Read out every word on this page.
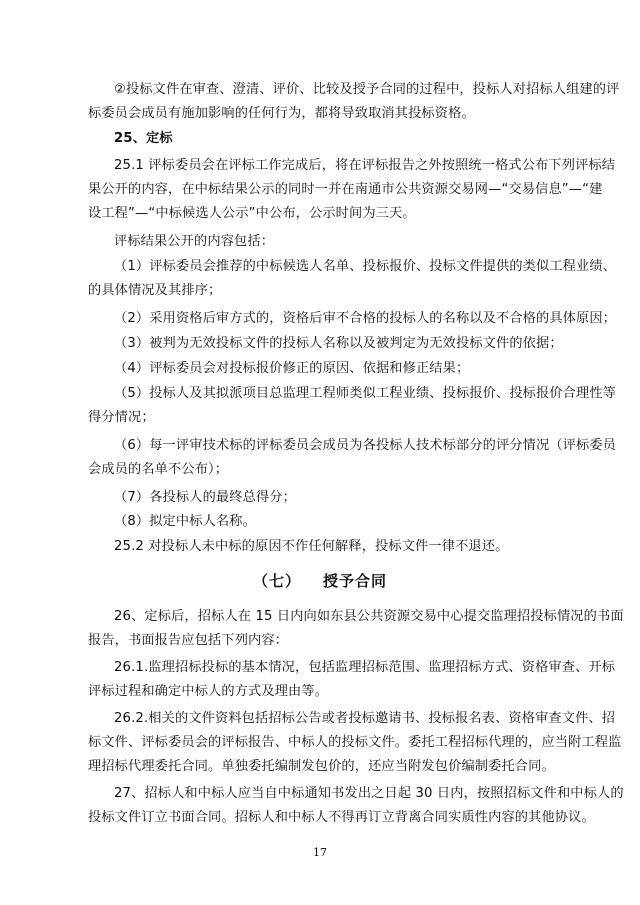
②投标文件在审查、澄清、评价、比较及授予合同的过程中，投标人对招标人组建的评
标委员会成员有施加影响的任何行为，都将导致取消其投标资格。
25、定标
25.1 评标委员会在评标工作完成后，将在评标报告之外按照统一格式公布下列评标结
果公开的内容，在中标结果公示的同时一并在南通市公共资源交易网—“交易信息”—“建
设工程”—“中标候选人公示”中公布，公示时间为三天。
评标结果公开的内容包括：
（1）评标委员会推荐的中标候选人名单、投标报价、投标文件提供的类似工程业绩、
的具体情况及其排序；
（2）采用资格后审方式的，资格后审不合格的投标人的名称以及不合格的具体原因；
（3）被判为无效投标文件的投标人名称以及被判定为无效投标文件的依据；
（4）评标委员会对投标报价修正的原因、依据和修正结果；
（5）投标人及其拟派项目总监理工程师类似工程业绩、投标报价、投标报价合理性等
得分情况；
（6）每一评审技术标的评标委员会成员为各投标人技术标部分的评分情况（评标委员
会成员的名单不公布）；
（7）各投标人的最终总得分；
（8）拟定中标人名称。
25.2 对投标人未中标的原因不作任何解释，投标文件一律不退还。
（七） 授予合同
26、定标后，招标人在 15 日内向如东县公共资源交易中心提交监理招投标情况的书面
报告，书面报告应包括下列内容：
26.1.监理招标投标的基本情况，包括监理招标范围、监理招标方式、资格审查、开标
评标过程和确定中标人的方式及理由等。
26.2.相关的文件资料包括招标公告或者投标邀请书、投标报名表、资格审查文件、招
标文件、评标委员会的评标报告、中标人的投标文件。委托工程招标代理的，应当附工程监
理招标代理委托合同。单独委托编制发包价的，还应当附发包价编制委托合同。
27、招标人和中标人应当自中标通知书发出之日起 30 日内，按照招标文件和中标人的
投标文件订立书面合同。招标人和中标人不得再订立背离合同实质性内容的其他协议。
17
